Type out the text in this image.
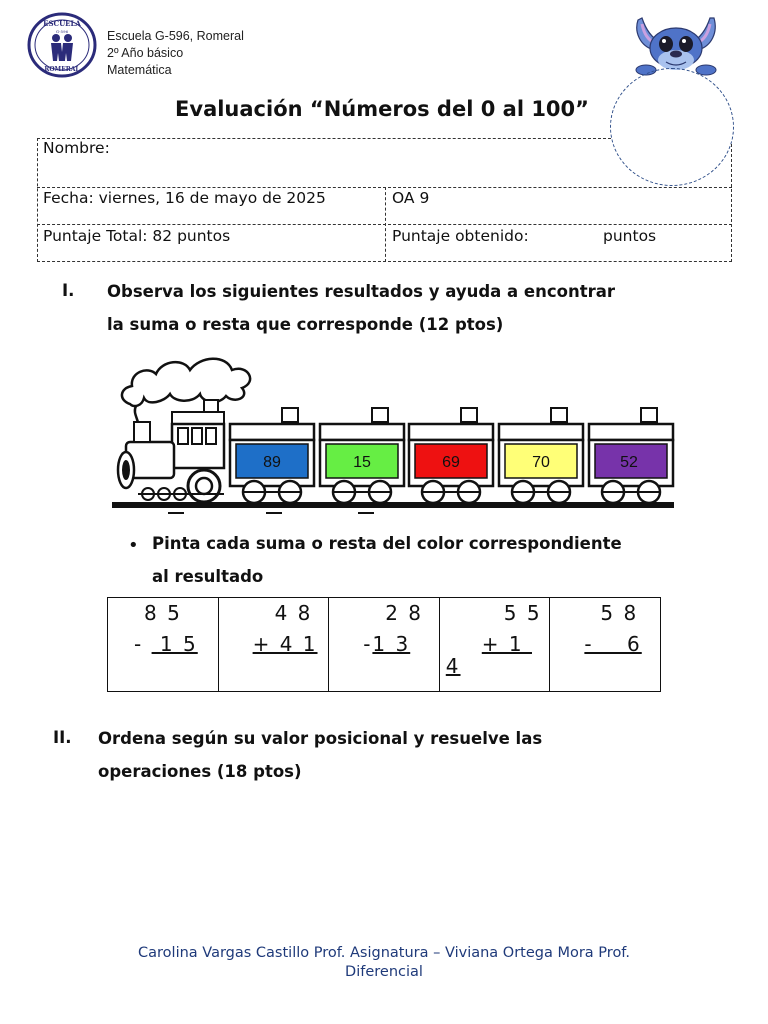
ESCUELA
G-596
ROMERAL
Escuela G-596, Romeral
2º Año básico
Matemática
Evaluación “Números del 0 al 100”
Nombre:
Fecha: viernes, 16 de mayo de 2025	OA 9
Puntaje Total: 82 puntos	Puntaje obtenido:	puntos
I. Observa los siguientes resultados y ayuda a encontrar
la suma o resta que corresponde (12 ptos)
89	15	69	70	52
• Pinta cada suma o resta del color correspondiente
al resultado
8 5
-  1 5

4 8
+ 4 1

2 8
-1 3

5 5
+ 1
4

5 8
-    6
II. Ordena según su valor posicional y resuelve las
operaciones (18 ptos)
Carolina Vargas Castillo Prof. Asignatura – Viviana Ortega Mora Prof.
Diferencial
